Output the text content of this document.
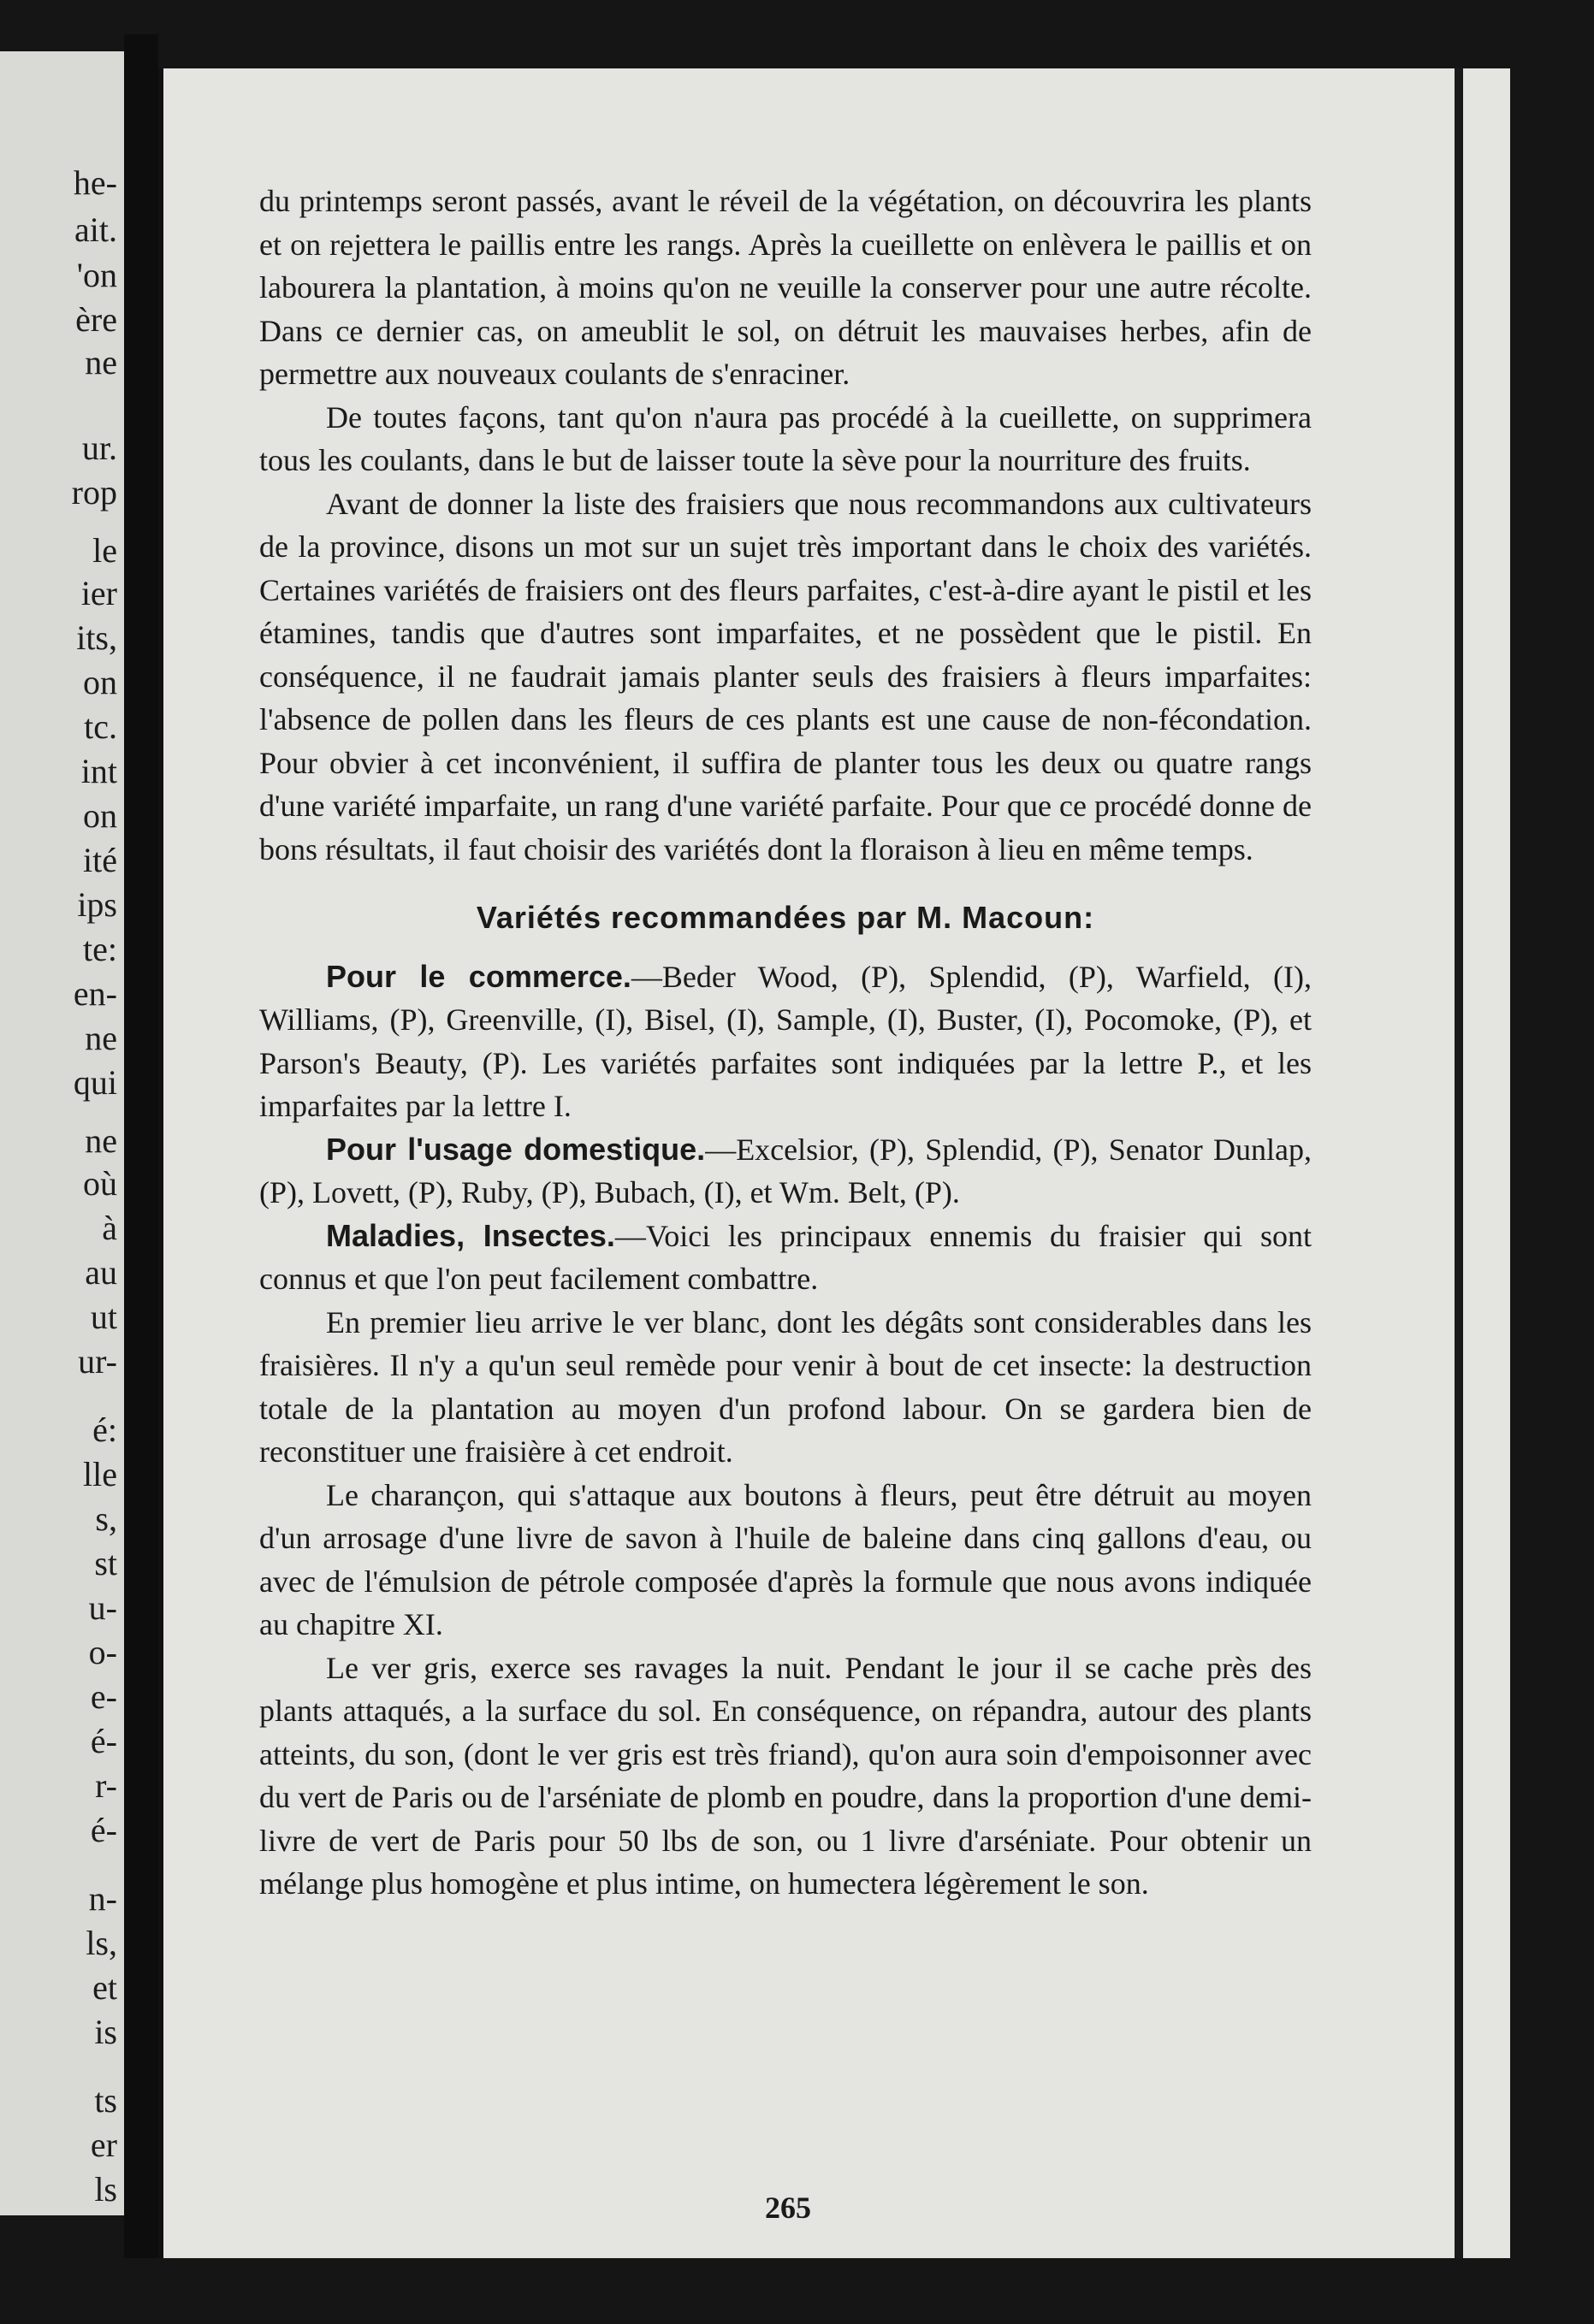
he-
ait.
'on
ère
ne
ur.
rop
le
ier
its,
on
tc.
int
on
ité
ips
te:
en-
ne
qui
ne
où
à
au
ut
ur-
é:
lle
s,
st
u-
o-
e-
é-
r-
é-
n-
ls,
et
is
ts
er
ls

du printemps seront passés, avant le réveil de la végétation, on découvrira les plants et on rejettera le paillis entre les rangs. Après la cueillette on enlèvera le paillis et on labourera la plantation, à moins qu'on ne veuille la conserver pour une autre récolte. Dans ce dernier cas, on ameublit le sol, on détruit les mauvaises herbes, afin de permettre aux nouveaux coulants de s'enraciner.

De toutes façons, tant qu'on n'aura pas procédé à la cueillette, on supprimera tous les coulants, dans le but de laisser toute la sève pour la nourriture des fruits.

Avant de donner la liste des fraisiers que nous recommandons aux cultivateurs de la province, disons un mot sur un sujet très important dans le choix des variétés. Certaines variétés de fraisiers ont des fleurs parfaites, c'est-à-dire ayant le pistil et les étamines, tandis que d'autres sont imparfaites, et ne possèdent que le pistil. En conséquence, il ne faudrait jamais planter seuls des fraisiers à fleurs imparfaites: l'absence de pollen dans les fleurs de ces plants est une cause de non-fécondation. Pour obvier à cet inconvénient, il suffira de planter tous les deux ou quatre rangs d'une variété imparfaite, un rang d'une variété parfaite. Pour que ce procédé donne de bons résultats, il faut choisir des variétés dont la floraison à lieu en même temps.

Variétés recommandées par M. Macoun:

Pour le commerce.—Beder Wood, (P), Splendid, (P), Warfield, (I), Williams, (P), Greenville, (I), Bisel, (I), Sample, (I), Buster, (I), Pocomoke, (P), et Parson's Beauty, (P). Les variétés parfaites sont indiquées par la lettre P., et les imparfaites par la lettre I.

Pour l'usage domestique.—Excelsior, (P), Splendid, (P), Senator Dunlap, (P), Lovett, (P), Ruby, (P), Bubach, (I), et Wm. Belt, (P).

Maladies, Insectes.—Voici les principaux ennemis du fraisier qui sont connus et que l'on peut facilement combattre.

En premier lieu arrive le ver blanc, dont les dégâts sont considerables dans les fraisières. Il n'y a qu'un seul remède pour venir à bout de cet insecte: la destruction totale de la plantation au moyen d'un profond labour. On se gardera bien de reconstituer une fraisière à cet endroit.

Le charançon, qui s'attaque aux boutons à fleurs, peut être détruit au moyen d'un arrosage d'une livre de savon à l'huile de baleine dans cinq gallons d'eau, ou avec de l'émulsion de pétrole composée d'après la formule que nous avons indiquée au chapitre XI.

Le ver gris, exerce ses ravages la nuit. Pendant le jour il se cache près des plants attaqués, a la surface du sol. En conséquence, on répandra, autour des plants atteints, du son, (dont le ver gris est très friand), qu'on aura soin d'empoisonner avec du vert de Paris ou de l'arséniate de plomb en poudre, dans la proportion d'une demi-livre de vert de Paris pour 50 lbs de son, ou 1 livre d'arséniate. Pour obtenir un mélange plus homogène et plus intime, on humectera légèrement le son.

265
